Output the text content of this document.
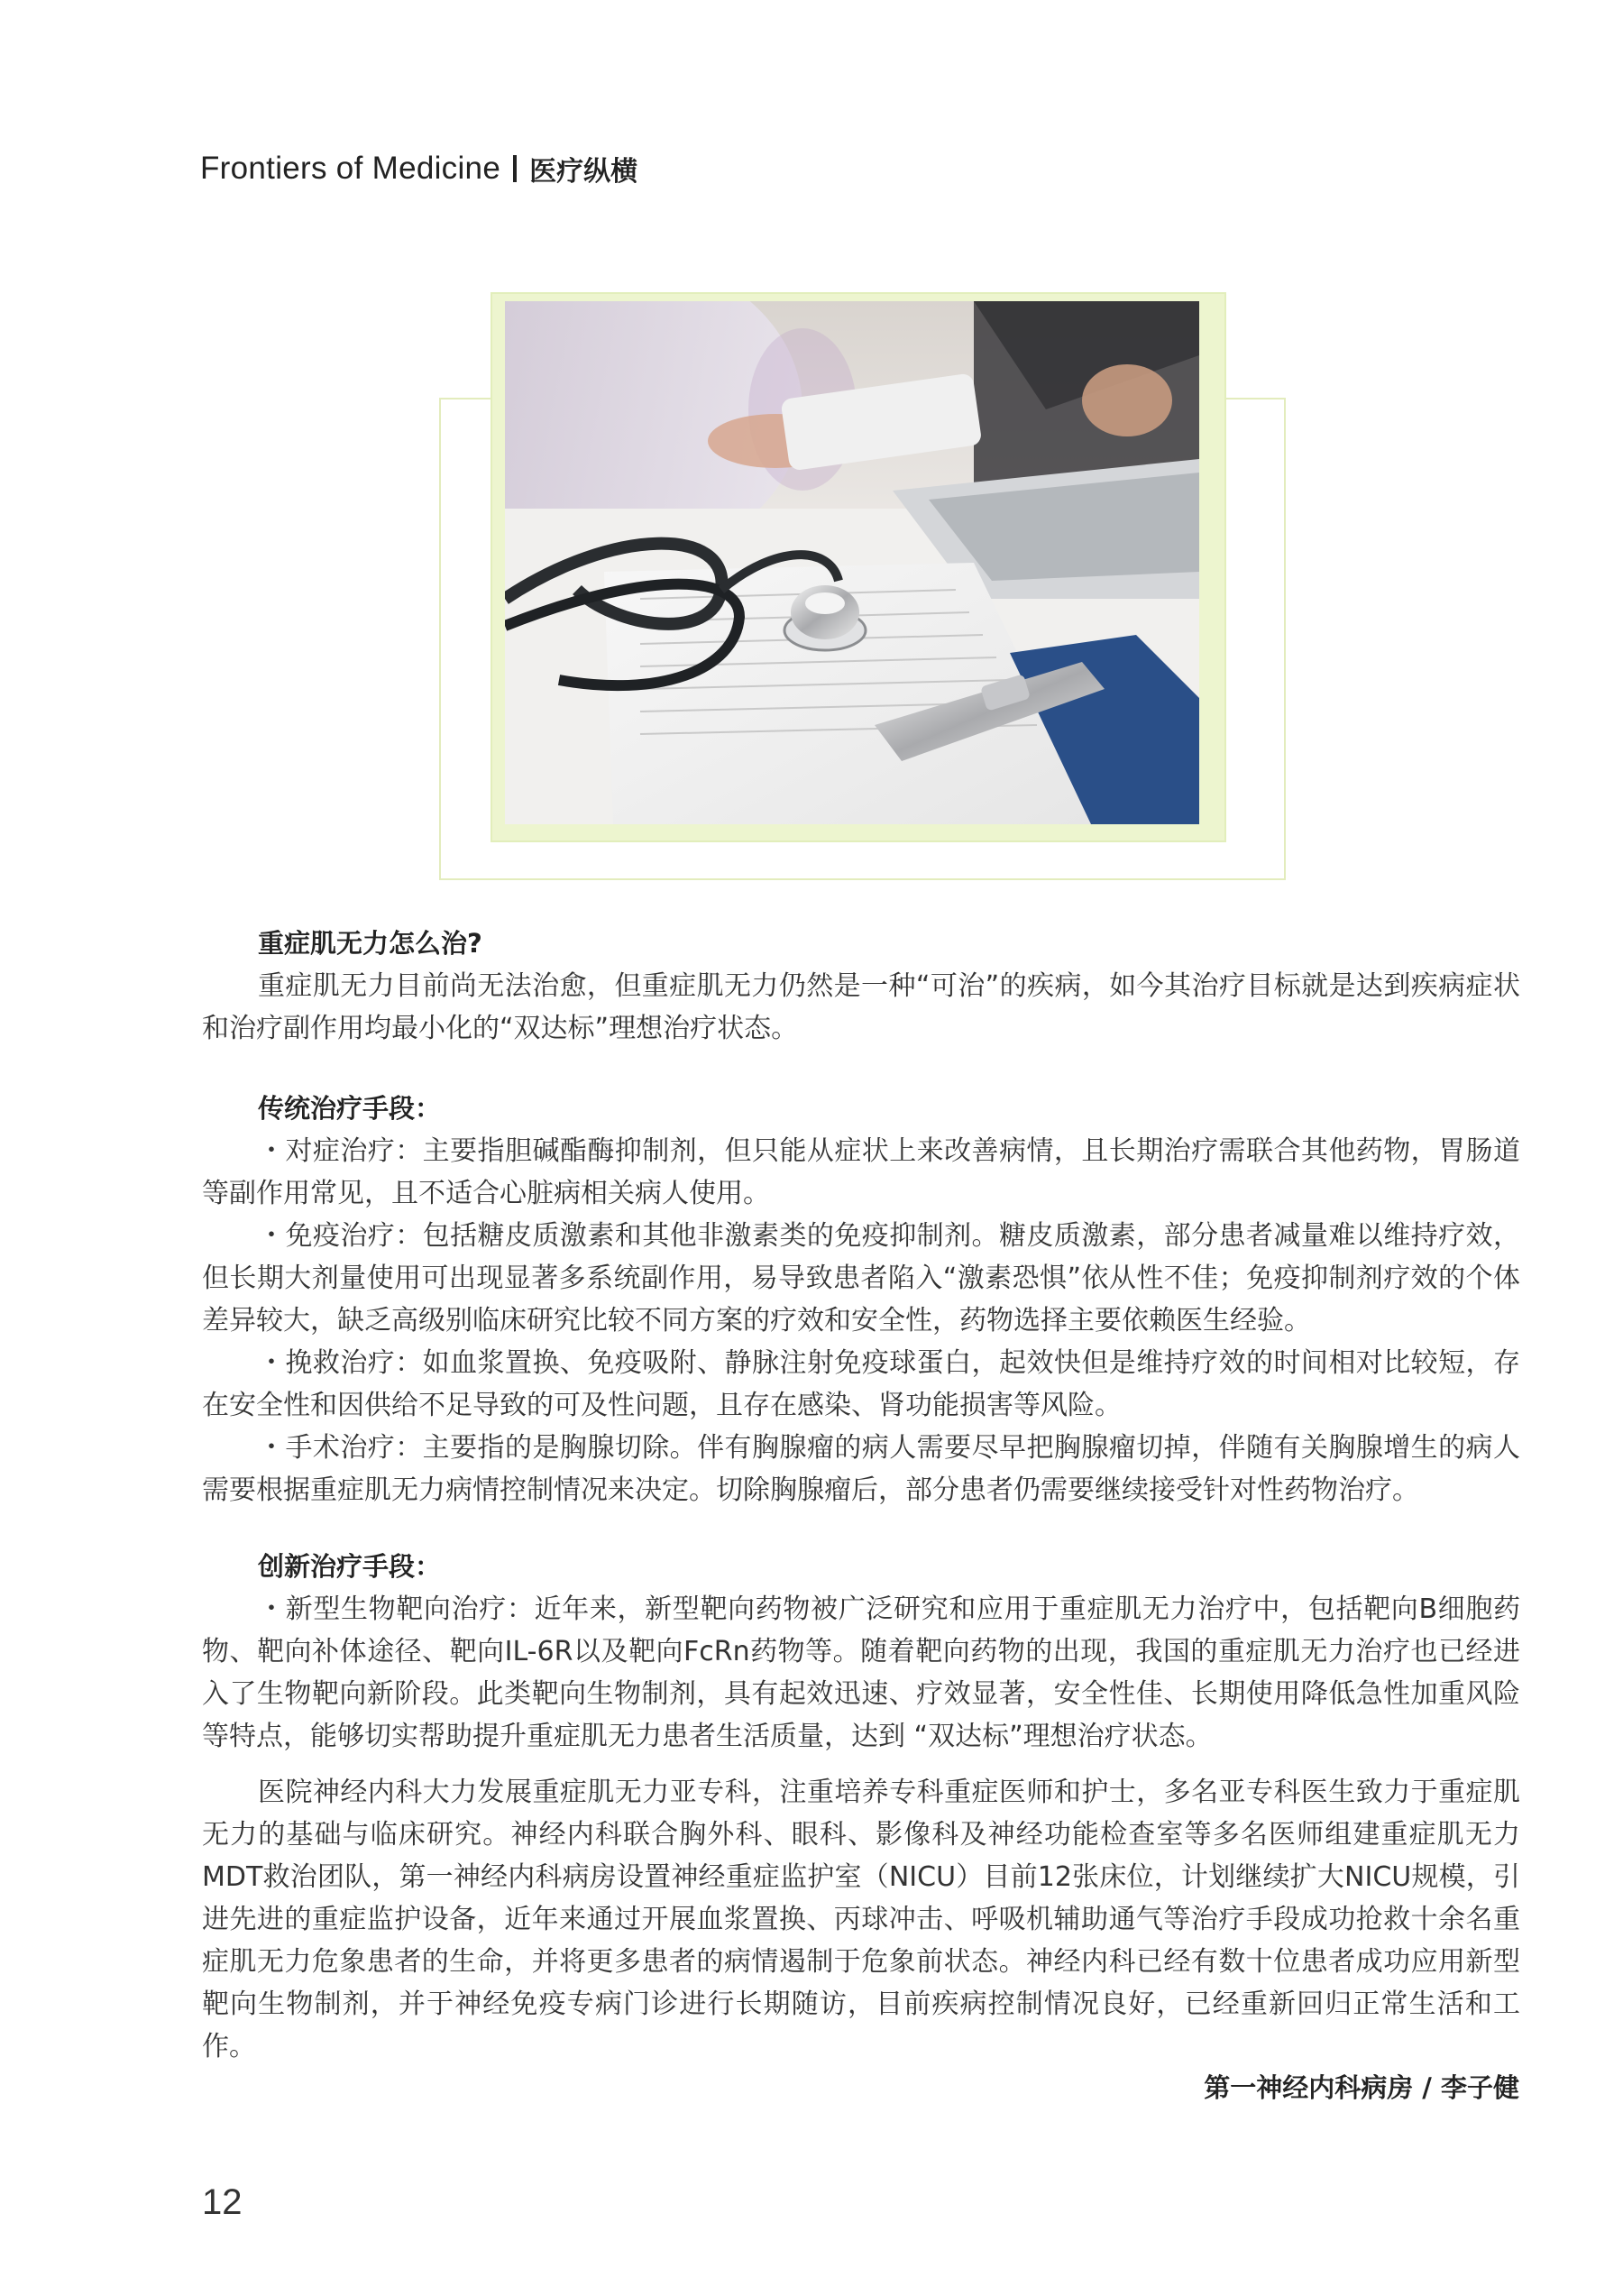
Frontiers of Medicine 医疗纵横

重症肌无力怎么治?

重症肌无力目前尚无法治愈，但重症肌无力仍然是一种“可治”的疾病，如今其治疗目标就是达到疾病症状和治疗副作用均最小化的“双达标”理想治疗状态。

传统治疗手段：

・对症治疗：主要指胆碱酯酶抑制剂，但只能从症状上来改善病情，且长期治疗需联合其他药物，胃肠道等副作用常见，且不适合心脏病相关病人使用。

・免疫治疗：包括糖皮质激素和其他非激素类的免疫抑制剂。糖皮质激素，部分患者减量难以维持疗效，但长期大剂量使用可出现显著多系统副作用，易导致患者陷入“激素恐惧”依从性不佳；免疫抑制剂疗效的个体差异较大，缺乏高级别临床研究比较不同方案的疗效和安全性，药物选择主要依赖医生经验。

・挽救治疗：如血浆置换、免疫吸附、静脉注射免疫球蛋白，起效快但是维持疗效的时间相对比较短，存在安全性和因供给不足导致的可及性问题，且存在感染、肾功能损害等风险。

・手术治疗：主要指的是胸腺切除。伴有胸腺瘤的病人需要尽早把胸腺瘤切掉，伴随有关胸腺增生的病人需要根据重症肌无力病情控制情况来决定。切除胸腺瘤后，部分患者仍需要继续接受针对性药物治疗。

创新治疗手段：

・新型生物靶向治疗：近年来，新型靶向药物被广泛研究和应用于重症肌无力治疗中，包括靶向B细胞药物、靶向补体途径、靶向IL-6R以及靶向FcRn药物等。随着靶向药物的出现，我国的重症肌无力治疗也已经进入了生物靶向新阶段。此类靶向生物制剂，具有起效迅速、疗效显著，安全性佳、长期使用降低急性加重风险等特点，能够切实帮助提升重症肌无力患者生活质量，达到 “双达标”理想治疗状态。

医院神经内科大力发展重症肌无力亚专科，注重培养专科重症医师和护士，多名亚专科医生致力于重症肌无力的基础与临床研究。神经内科联合胸外科、眼科、影像科及神经功能检查室等多名医师组建重症肌无力MDT救治团队，第一神经内科病房设置神经重症监护室（NICU）目前12张床位，计划继续扩大NICU规模，引进先进的重症监护设备，近年来通过开展血浆置换、丙球冲击、呼吸机辅助通气等治疗手段成功抢救十余名重症肌无力危象患者的生命，并将更多患者的病情遏制于危象前状态。神经内科已经有数十位患者成功应用新型靶向生物制剂，并于神经免疫专病门诊进行长期随访，目前疾病控制情况良好，已经重新回归正常生活和工作。

第一神经内科病房 / 李子健
12
